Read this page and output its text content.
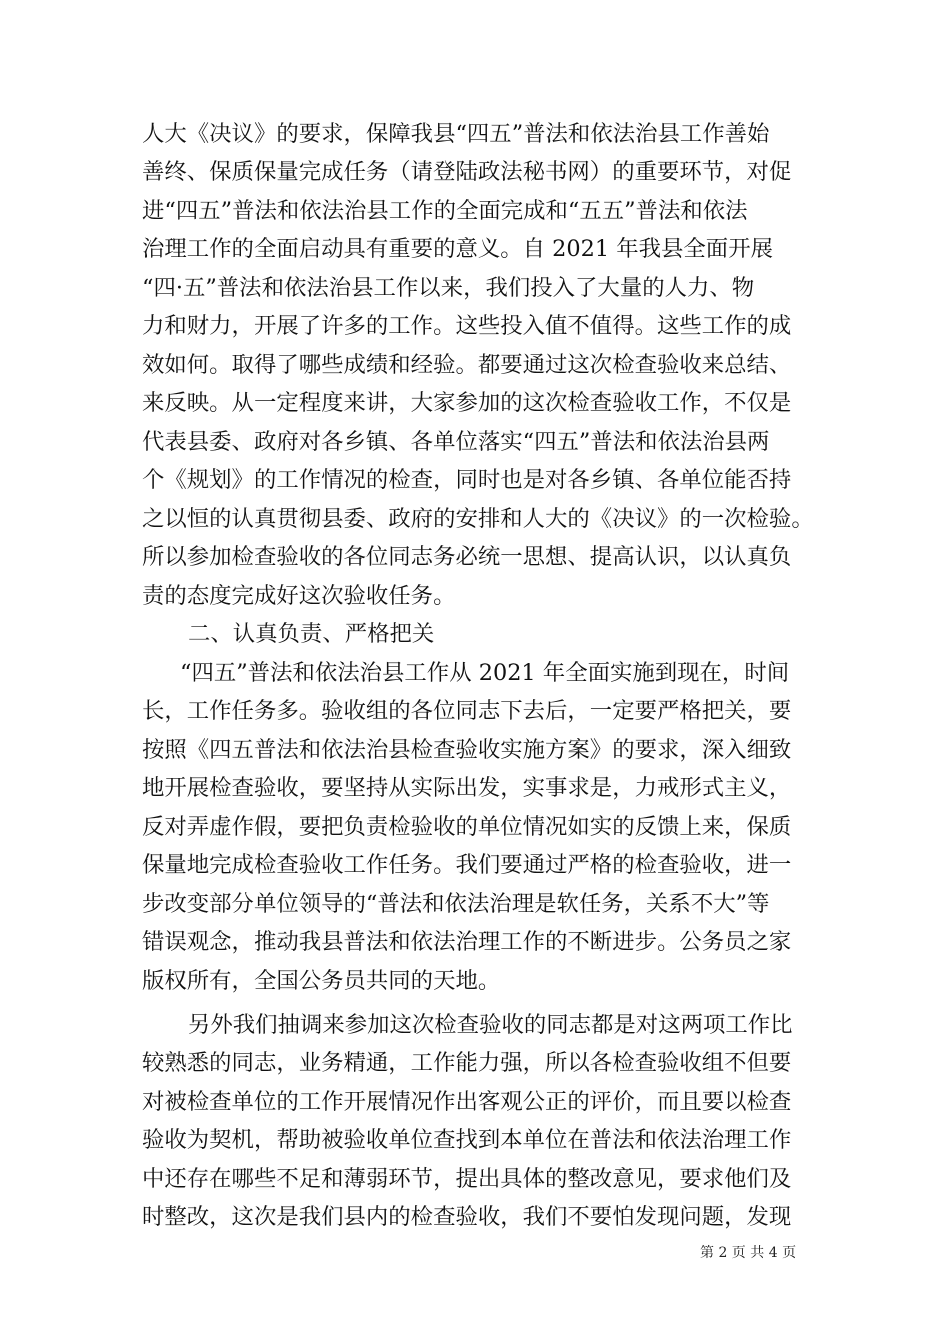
人大《决议》的要求，保障我县“四五”普法和依法治县工作善始
善终、保质保量完成任务（请登陆政法秘书网）的重要环节，对促
进“四五”普法和依法治县工作的全面完成和“五五”普法和依法
治理工作的全面启动具有重要的意义。自 2021 年我县全面开展
“四·五”普法和依法治县工作以来，我们投入了大量的人力、物
力和财力，开展了许多的工作。这些投入值不值得。这些工作的成
效如何。取得了哪些成绩和经验。都要通过这次检查验收来总结、
来反映。从一定程度来讲，大家参加的这次检查验收工作，不仅是
代表县委、政府对各乡镇、各单位落实“四五”普法和依法治县两
个《规划》的工作情况的检查，同时也是对各乡镇、各单位能否持
之以恒的认真贯彻县委、政府的安排和人大的《决议》的一次检验。
所以参加检查验收的各位同志务必统一思想、提高认识，以认真负
责的态度完成好这次验收任务。
二、认真负责、严格把关
“四五”普法和依法治县工作从 2021 年全面实施到现在，时间
长，工作任务多。验收组的各位同志下去后，一定要严格把关，要
按照《四五普法和依法治县检查验收实施方案》的要求，深入细致
地开展检查验收，要坚持从实际出发，实事求是，力戒形式主义，
反对弄虚作假，要把负责检验收的单位情况如实的反馈上来，保质
保量地完成检查验收工作任务。我们要通过严格的检查验收，进一
步改变部分单位领导的“普法和依法治理是软任务，关系不大”等
错误观念，推动我县普法和依法治理工作的不断进步。公务员之家
版权所有，全国公务员共同的天地。
另外我们抽调来参加这次检查验收的同志都是对这两项工作比
较熟悉的同志，业务精通，工作能力强，所以各检查验收组不但要
对被检查单位的工作开展情况作出客观公正的评价，而且要以检查
验收为契机，帮助被验收单位查找到本单位在普法和依法治理工作
中还存在哪些不足和薄弱环节，提出具体的整改意见，要求他们及
时整改，这次是我们县内的检查验收，我们不要怕发现问题，发现
第 2 页 共 4 页
